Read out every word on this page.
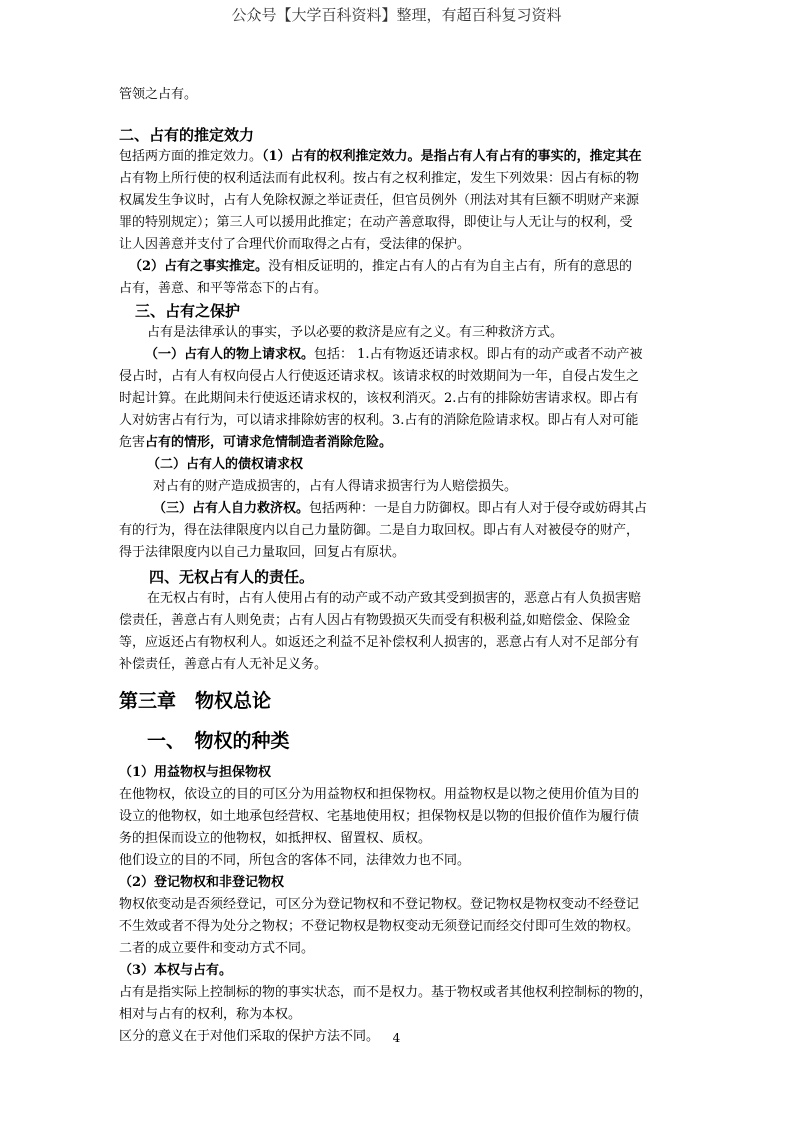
公众号【大学百科资料】整理，有超百科复习资料

管领之占有。

二、占有的推定效力

包括两方面的推定效力。（1）占有的权利推定效力。是指占有人有占有的事实的，推定其在

占有物上所行使的权利适法而有此权利。按占有之权利推定，发生下列效果：因占有标的物

权属发生争议时，占有人免除权源之举证责任，但官员例外（刑法对其有巨额不明财产来源

罪的特别规定）；第三人可以援用此推定；在动产善意取得，即使让与人无让与的权利，受

让人因善意并支付了合理代价而取得之占有，受法律的保护。

（2）占有之事实推定。没有相反证明的，推定占有人的占有为自主占有，所有的意思的

占有，善意、和平等常态下的占有。

三、占有之保护

占有是法律承认的事实，予以必要的救济是应有之义。有三种救济方式。

（一）占有人的物上请求权。包括： 1.占有物返还请求权。即占有的动产或者不动产被

侵占时，占有人有权向侵占人行使返还请求权。该请求权的时效期间为一年，自侵占发生之

时起计算。在此期间未行使返还请求权的，该权利消灭。2.占有的排除妨害请求权。即占有

人对妨害占有行为，可以请求排除妨害的权利。3.占有的消除危险请求权。即占有人对可能

危害占有的情形，可请求危情制造者消除危险。

（二）占有人的债权请求权

对占有的财产造成损害的，占有人得请求损害行为人赔偿损失。

（三）占有人自力救济权。包括两种：一是自力防御权。即占有人对于侵夺或妨碍其占

有的行为，得在法律限度内以自己力量防御。二是自力取回权。即占有人对被侵夺的财产，

得于法律限度内以自己力量取回，回复占有原状。

四、无权占有人的责任。

在无权占有时，占有人使用占有的动产或不动产致其受到损害的，恶意占有人负损害赔

偿责任，善意占有人则免责；占有人因占有物毁损灭失而受有积极利益,如赔偿金、保险金

等，应返还占有物权利人。如返还之利益不足补偿权利人损害的，恶意占有人对不足部分有

补偿责任，善意占有人无补足义务。

第三章　物权总论

一、　物权的种类

（1）用益物权与担保物权

在他物权，依设立的目的可区分为用益物权和担保物权。用益物权是以物之使用价值为目的

设立的他物权，如土地承包经营权、宅基地使用权；担保物权是以物的但报价值作为履行债

务的担保而设立的他物权，如抵押权、留置权、质权。

他们设立的目的不同，所包含的客体不同，法律效力也不同。

（2）登记物权和非登记物权

物权依变动是否须经登记，可区分为登记物权和不登记物权。登记物权是物权变动不经登记

不生效或者不得为处分之物权；不登记物权是物权变动无须登记而经交付即可生效的物权。

二者的成立要件和变动方式不同。

（3）本权与占有。

占有是指实际上控制标的物的事实状态，而不是权力。基于物权或者其他权利控制标的物的，

相对与占有的权利，称为本权。

区分的意义在于对他们采取的保护方法不同。	4
